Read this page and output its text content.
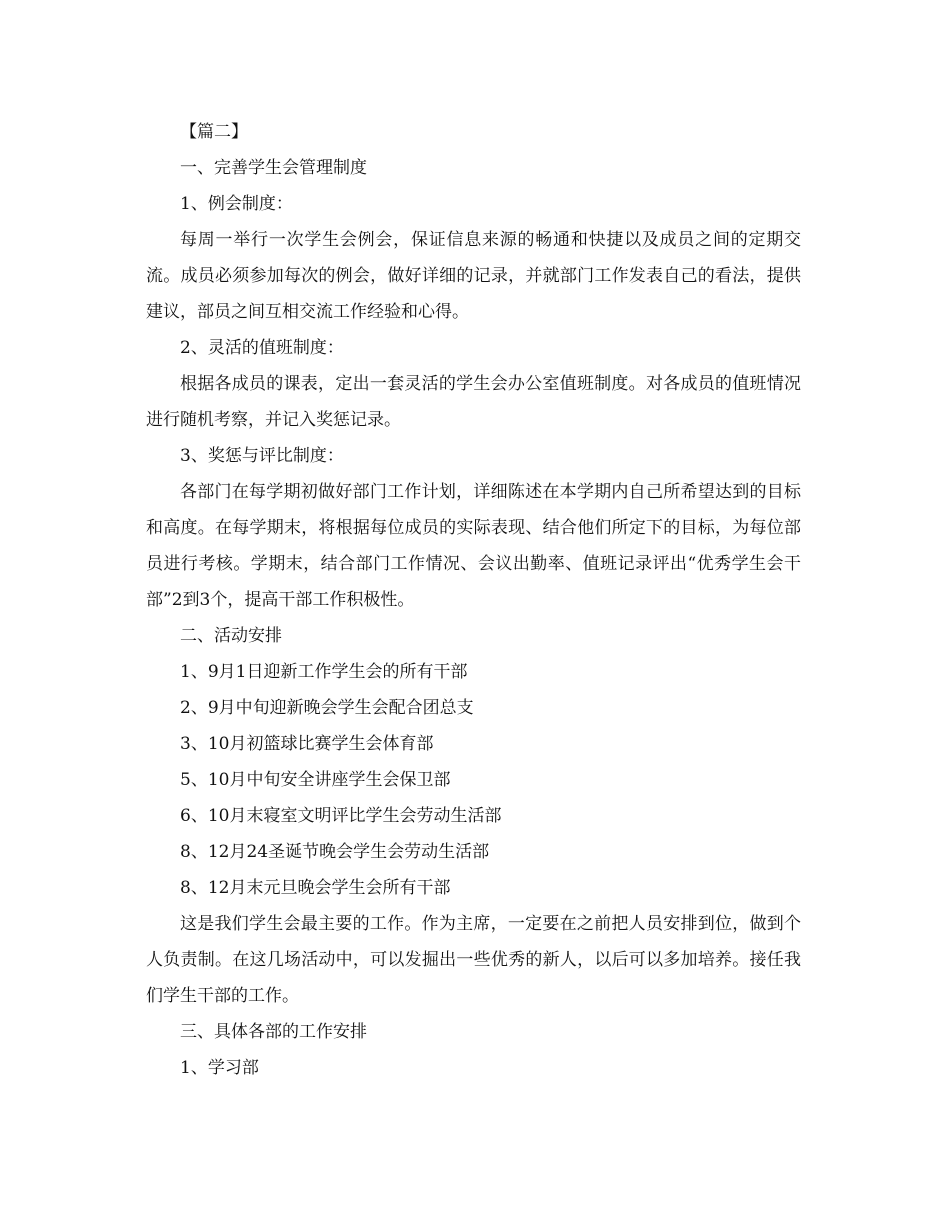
【篇二】

一、完善学生会管理制度

1、例会制度：

每周一举行一次学生会例会，保证信息来源的畅通和快捷以及成员之间的定期交流。成员必须参加每次的例会，做好详细的记录，并就部门工作发表自己的看法，提供建议，部员之间互相交流工作经验和心得。

2、灵活的值班制度：

根据各成员的课表，定出一套灵活的学生会办公室值班制度。对各成员的值班情况进行随机考察，并记入奖惩记录。

3、奖惩与评比制度：

各部门在每学期初做好部门工作计划，详细陈述在本学期内自己所希望达到的目标和高度。在每学期末，将根据每位成员的实际表现、结合他们所定下的目标，为每位部员进行考核。学期末，结合部门工作情况、会议出勤率、值班记录评出“优秀学生会干部”2到3个，提高干部工作积极性。

二、活动安排

1、9月1日迎新工作学生会的所有干部

2、9月中旬迎新晚会学生会配合团总支

3、10月初篮球比赛学生会体育部

5、10月中旬安全讲座学生会保卫部

6、10月末寝室文明评比学生会劳动生活部

8、12月24圣诞节晚会学生会劳动生活部

8、12月末元旦晚会学生会所有干部

这是我们学生会最主要的工作。作为主席，一定要在之前把人员安排到位，做到个人负责制。在这几场活动中，可以发掘出一些优秀的新人，以后可以多加培养。接任我们学生干部的工作。

三、具体各部的工作安排

1、学习部
